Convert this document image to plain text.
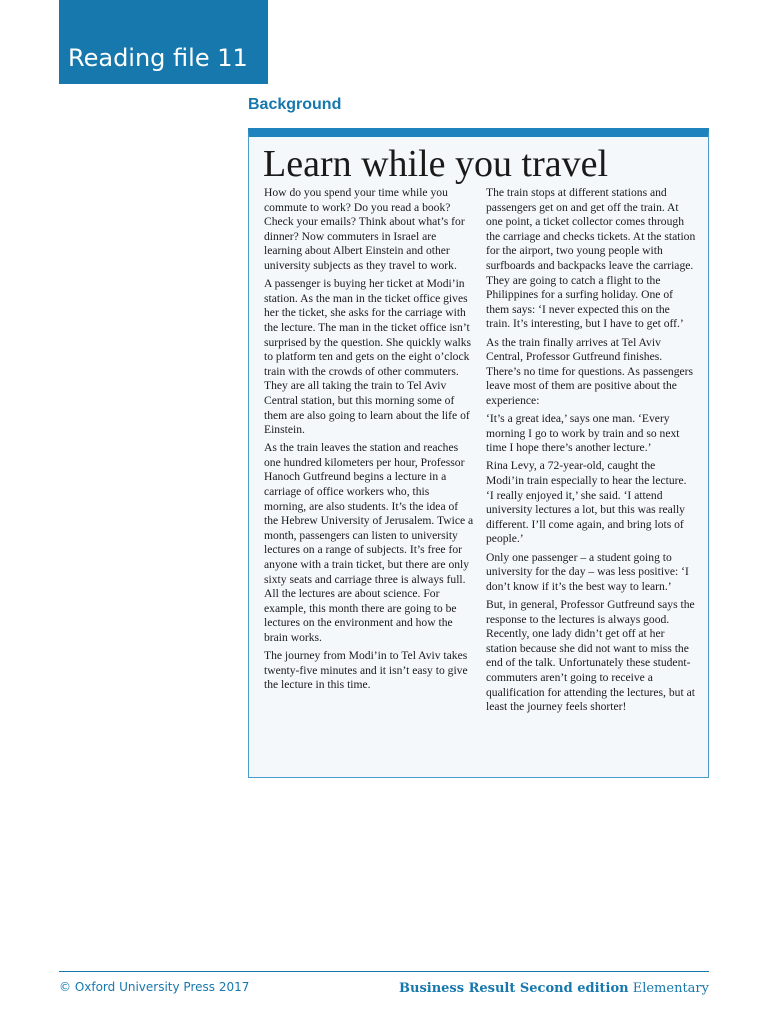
Reading file 11
Background
Learn while you travel

How do you spend your time while you commute to work? Do you read a book? Check your emails? Think about what’s for dinner? Now commuters in Israel are learning about Albert Einstein and other university subjects as they travel to work.

A passenger is buying her ticket at Modi’in station. As the man in the ticket office gives her the ticket, she asks for the carriage with the lecture. The man in the ticket office isn’t surprised by the question. She quickly walks to platform ten and gets on the eight o’clock train with the crowds of other commuters. They are all taking the train to Tel Aviv Central station, but this morning some of them are also going to learn about the life of Einstein.

As the train leaves the station and reaches one hundred kilometers per hour, Professor Hanoch Gutfreund begins a lecture in a carriage of office workers who, this morning, are also students. It’s the idea of the Hebrew University of Jerusalem. Twice a month, passengers can listen to university lectures on a range of subjects. It’s free for anyone with a train ticket, but there are only sixty seats and carriage three is always full. All the lectures are about science. For example, this month there are going to be lectures on the environment and how the brain works.

The journey from Modi’in to Tel Aviv takes twenty-five minutes and it isn’t easy to give the lecture in this time.

The train stops at different stations and passengers get on and get off the train. At one point, a ticket collector comes through the carriage and checks tickets. At the station for the airport, two young people with surfboards and backpacks leave the carriage. They are going to catch a flight to the Philippines for a surfing holiday. One of them says: ‘I never expected this on the train. It’s interesting, but I have to get off.’

As the train finally arrives at Tel Aviv Central, Professor Gutfreund finishes. There’s no time for questions. As passengers leave most of them are positive about the experience:

‘It’s a great idea,’ says one man. ‘Every morning I go to work by train and so next time I hope there’s another lecture.’

Rina Levy, a 72-year-old, caught the Modi’in train especially to hear the lecture. ‘I really enjoyed it,’ she said. ‘I attend university lectures a lot, but this was really different. I’ll come again, and bring lots of people.’

Only one passenger – a student going to university for the day – was less positive: ‘I don’t know if it’s the best way to learn.’

But, in general, Professor Gutfreund says the response to the lectures is always good. Recently, one lady didn’t get off at her station because she did not want to miss the end of the talk. Unfortunately these student-commuters aren’t going to receive a qualification for attending the lectures, but at least the journey feels shorter!

© Oxford University Press 2017	Business Result Second edition Elementary
